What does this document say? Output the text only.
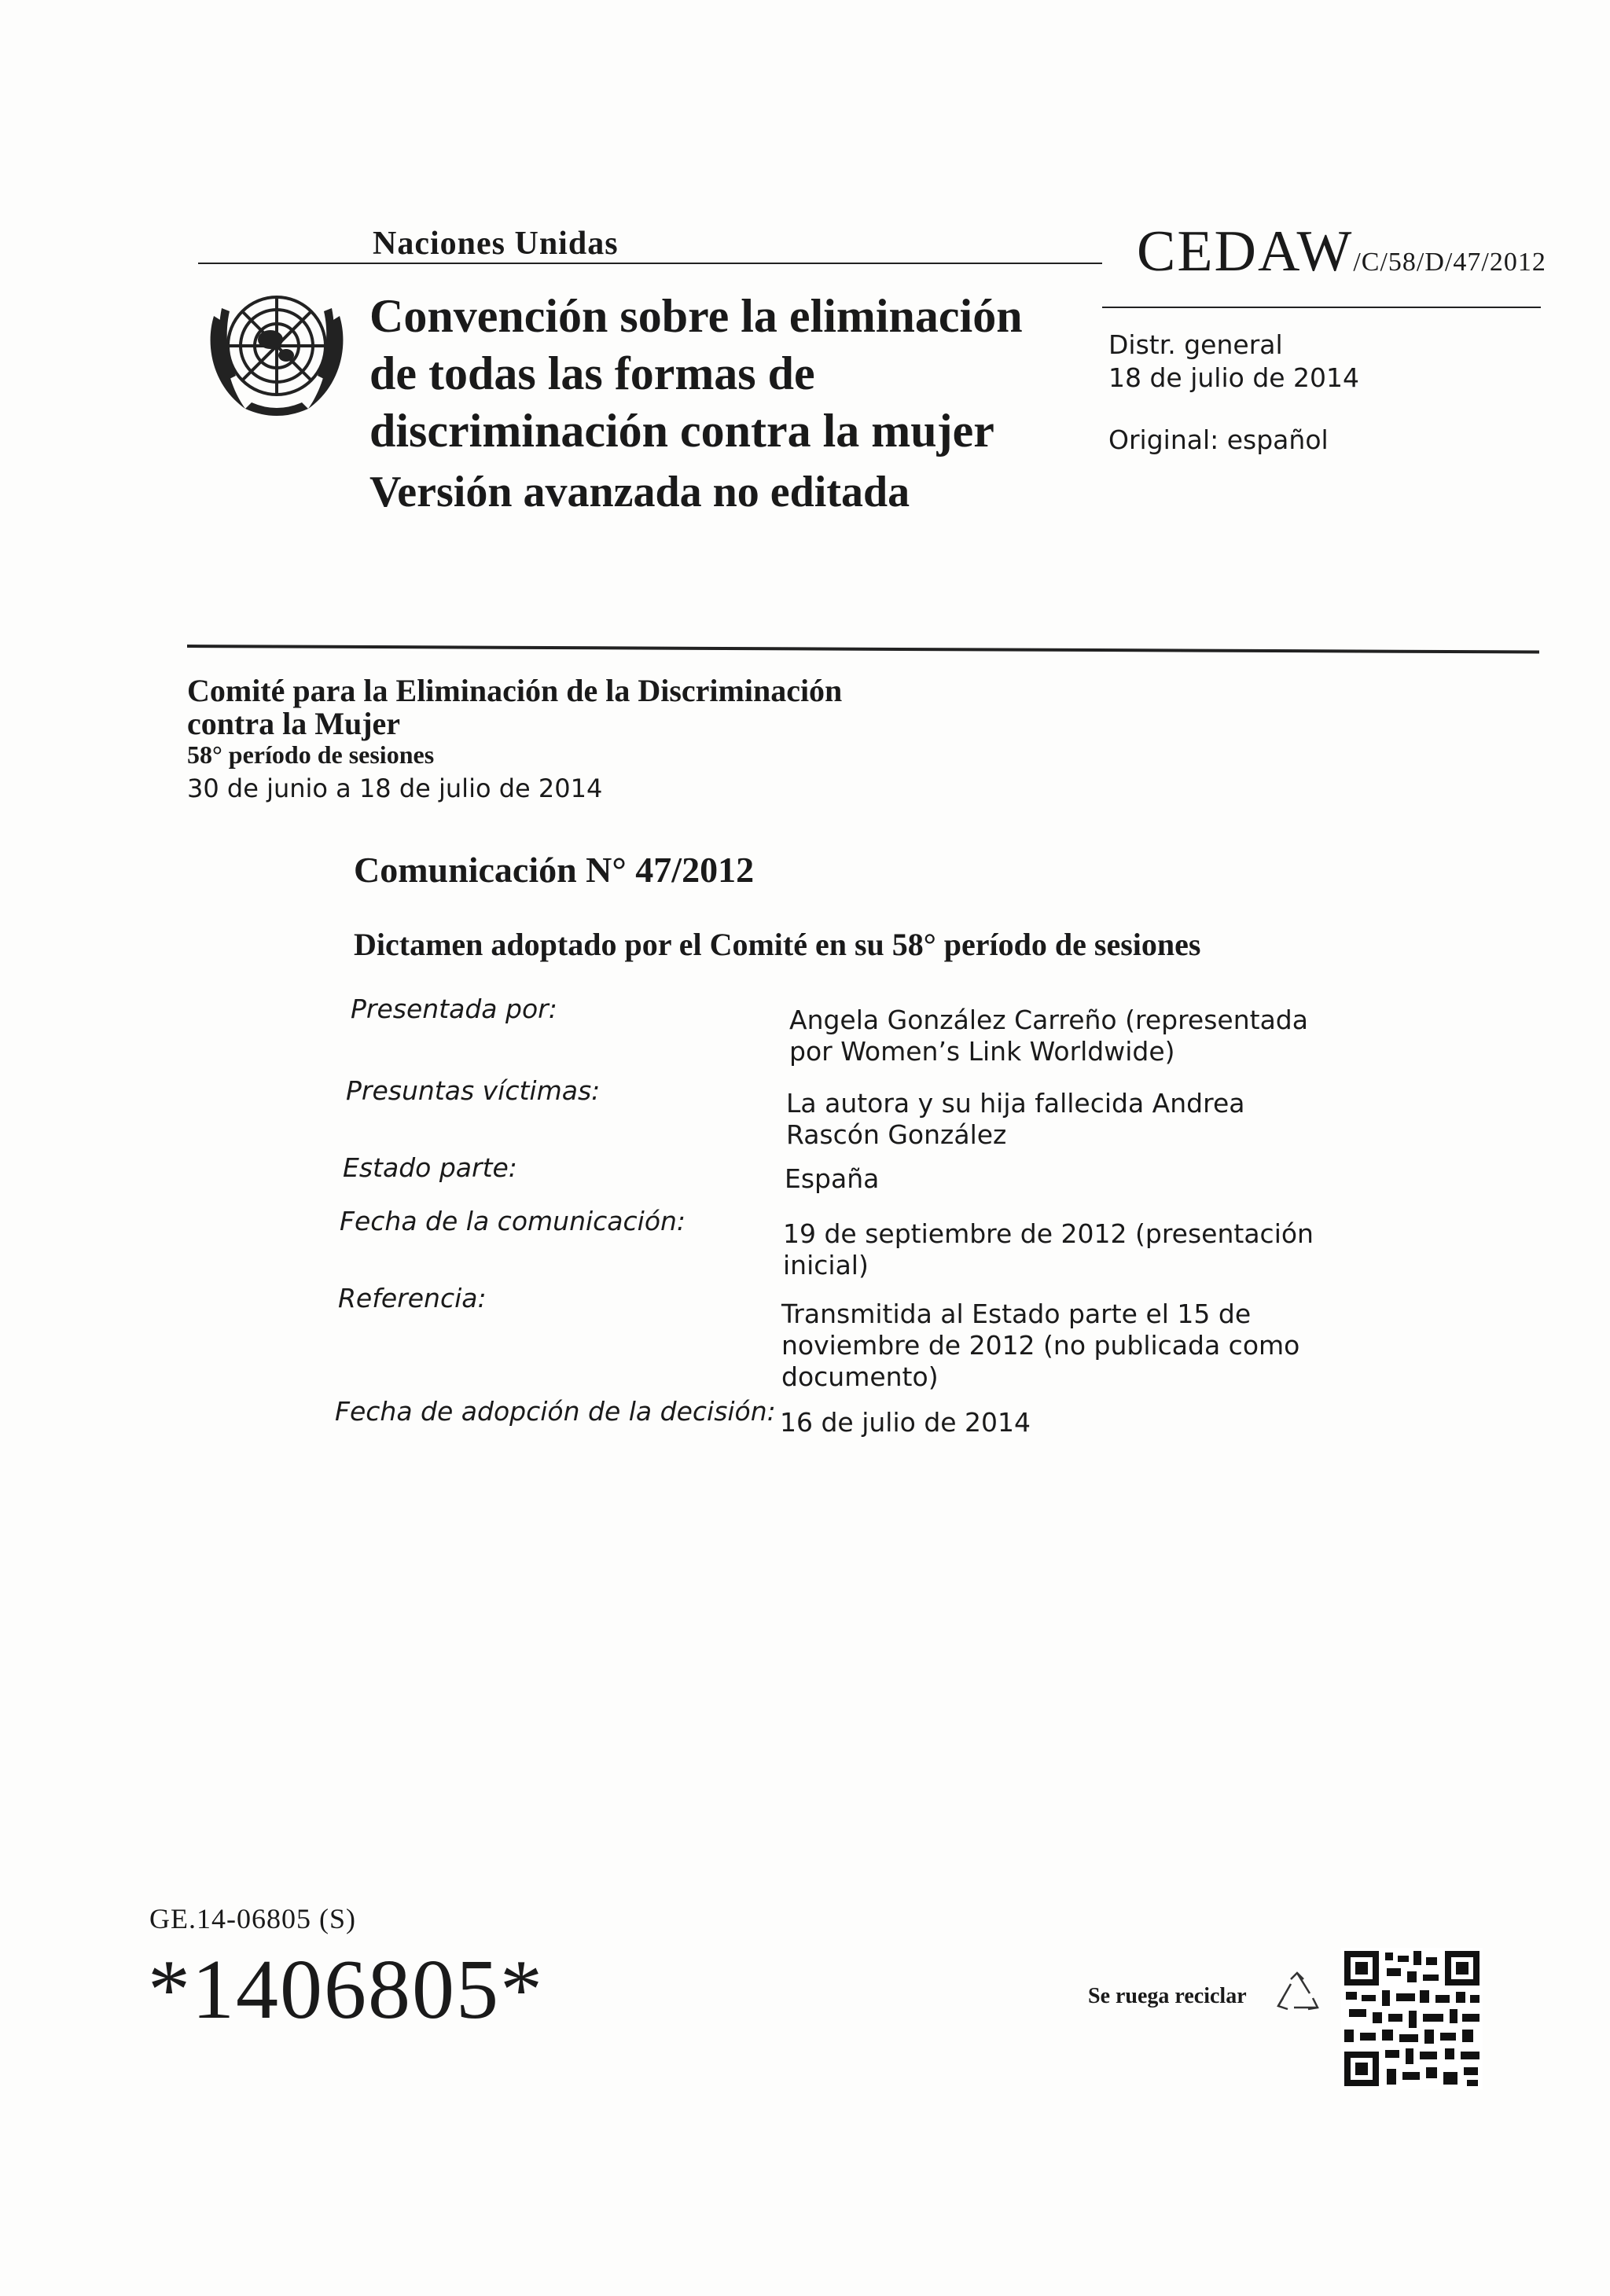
Naciones Unidas	CEDAW/C/58/D/47/2012
Convención sobre la eliminación
de todas las formas de
discriminación contra la mujer
Versión avanzada no editada
Distr. general
18 de julio de 2014
Original: español
Comité para la Eliminación de la Discriminación
contra la Mujer
58° período de sesiones
30 de junio a 18 de julio de 2014
Comunicación N° 47/2012
Dictamen adoptado por el Comité en su 58° período de sesiones
Presentada por:	Angela González Carreño (representada por Women’s Link Worldwide)
Presuntas víctimas:	La autora y su hija fallecida Andrea Rascón González
Estado parte:	España
Fecha de la comunicación:	19 de septiembre de 2012 (presentación inicial)
Referencia:
Transmitida al Estado parte el 15 de noviembre de 2012 (no publicada como documento)
Fecha de adopción de la decisión: 16 de julio de 2014
GE.14-06805 (S)
*1406805*	Se ruega reciclar
